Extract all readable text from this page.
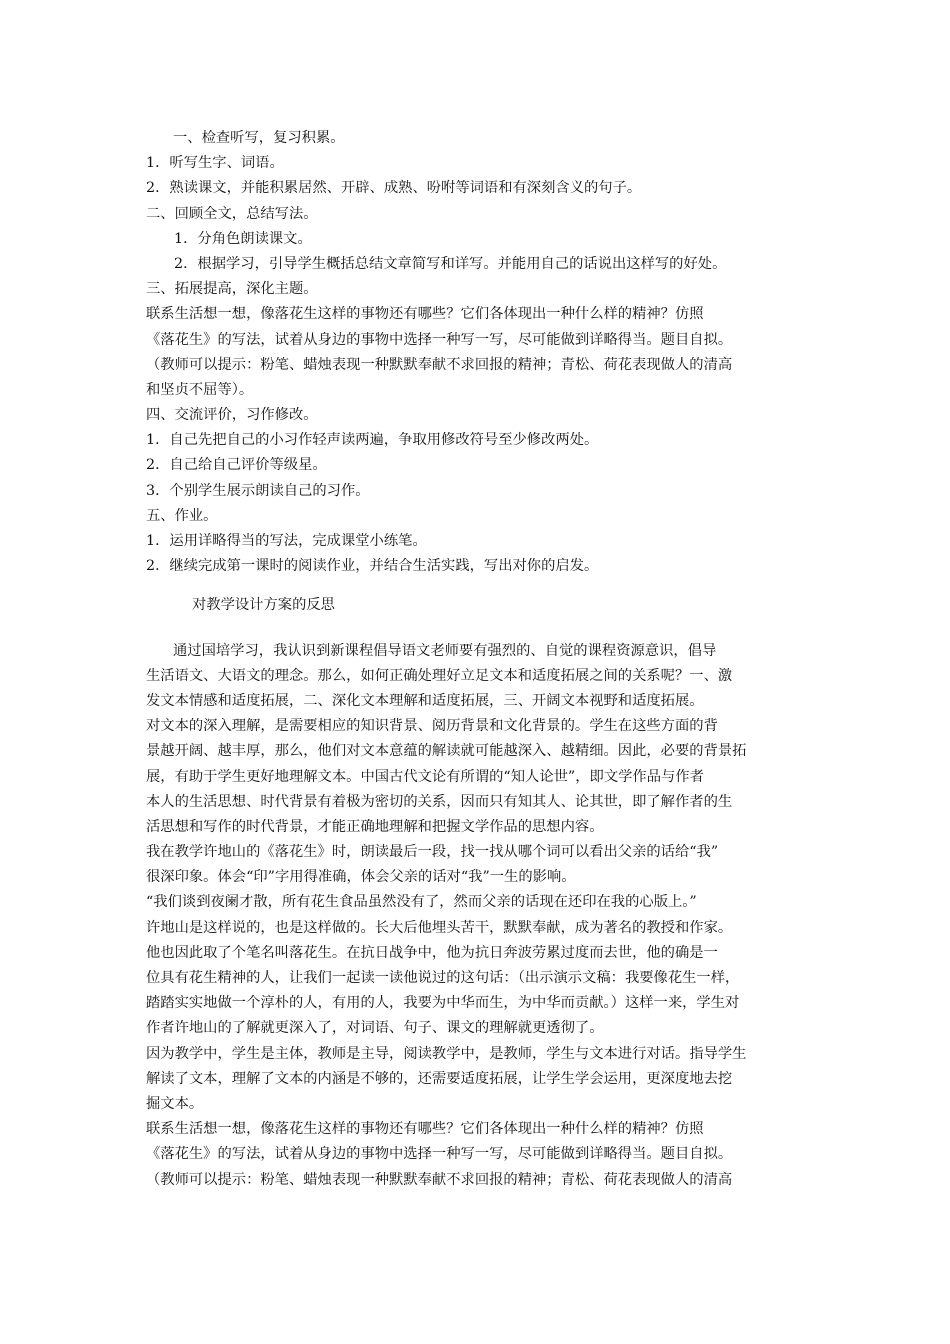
一、检查听写，复习积累。
1．听写生字、词语。
2．熟读课文，并能积累居然、开辟、成熟、吩咐等词语和有深刻含义的句子。
二、回顾全文，总结写法。
1．分角色朗读课文。
2．根据学习，引导学生概括总结文章简写和详写。并能用自己的话说出这样写的好处。
三、拓展提高，深化主题。
联系生活想一想，像落花生这样的事物还有哪些？它们各体现出一种什么样的精神？仿照
《落花生》的写法，试着从身边的事物中选择一种写一写，尽可能做到详略得当。题目自拟。
（教师可以提示：粉笔、蜡烛表现一种默默奉献不求回报的精神；青松、荷花表现做人的清高
和坚贞不屈等）。
四、交流评价，习作修改。
1．自己先把自己的小习作轻声读两遍，争取用修改符号至少修改两处。
2．自己给自己评价等级星。
3．个别学生展示朗读自己的习作。
五、作业。
1．运用详略得当的写法，完成课堂小练笔。
2．继续完成第一课时的阅读作业，并结合生活实践，写出对你的启发。
对教学设计方案的反思
通过国培学习，我认识到新课程倡导语文老师要有强烈的、自觉的课程资源意识，倡导
生活语文、大语文的理念。那么，如何正确处理好立足文本和适度拓展之间的关系呢？一、激
发文本情感和适度拓展，二、深化文本理解和适度拓展，三、开阔文本视野和适度拓展。
对文本的深入理解，是需要相应的知识背景、阅历背景和文化背景的。学生在这些方面的背
景越开阔、越丰厚，那么，他们对文本意蕴的解读就可能越深入、越精细。因此，必要的背景拓
展，有助于学生更好地理解文本。中国古代文论有所谓的“知人论世”，即文学作品与作者
本人的生活思想、时代背景有着极为密切的关系，因而只有知其人、论其世，即了解作者的生
活思想和写作的时代背景，才能正确地理解和把握文学作品的思想内容。
我在教学许地山的《落花生》时，朗读最后一段，找一找从哪个词可以看出父亲的话给“我”
很深印象。体会“印”字用得准确，体会父亲的话对“我”一生的影响。
“我们谈到夜阑才散，所有花生食品虽然没有了，然而父亲的话现在还印在我的心版上。”
许地山是这样说的，也是这样做的。长大后他埋头苦干，默默奉献，成为著名的教授和作家。
他也因此取了个笔名叫落花生。在抗日战争中，他为抗日奔波劳累过度而去世，他的确是一
位具有花生精神的人，让我们一起读一读他说过的这句话：（出示演示文稿：我要像花生一样，
踏踏实实地做一个淳朴的人，有用的人，我要为中华而生，为中华而贡献。）这样一来，学生对
作者许地山的了解就更深入了，对词语、句子、课文的理解就更透彻了。
因为教学中，学生是主体，教师是主导，阅读教学中，是教师，学生与文本进行对话。指导学生
解读了文本，理解了文本的内涵是不够的，还需要适度拓展，让学生学会运用，更深度地去挖
掘文本。
联系生活想一想，像落花生这样的事物还有哪些？它们各体现出一种什么样的精神？仿照
《落花生》的写法，试着从身边的事物中选择一种写一写，尽可能做到详略得当。题目自拟。
（教师可以提示：粉笔、蜡烛表现一种默默奉献不求回报的精神；青松、荷花表现做人的清高
